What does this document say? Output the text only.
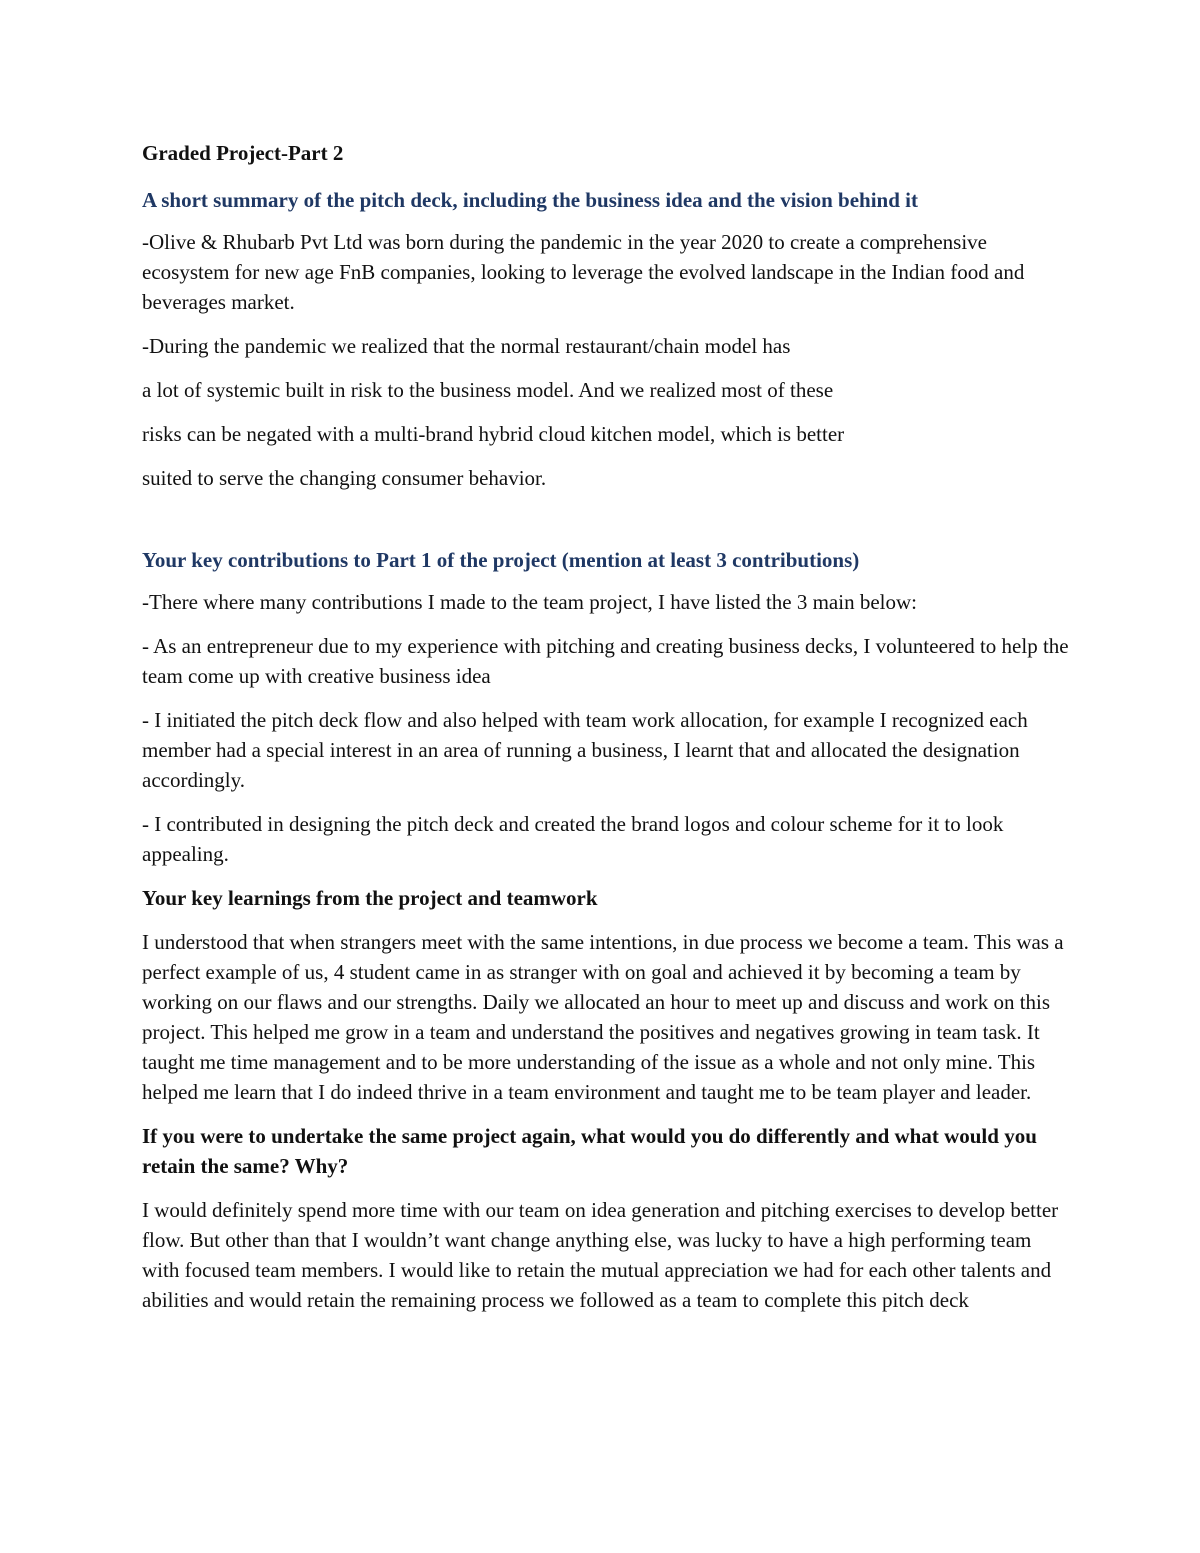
Graded Project-Part 2
A short summary of the pitch deck, including the business idea and the vision behind it

-Olive & Rhubarb Pvt Ltd was born during the pandemic in the year 2020 to create a comprehensive ecosystem for new age FnB companies, looking to leverage the evolved landscape in the Indian food and beverages market.

-During the pandemic we realized that the normal restaurant/chain model has
a lot of systemic built in risk to the business model. And we realized most of these
risks can be negated with a multi-brand hybrid cloud kitchen model, which is better
suited to serve the changing consumer behavior.
Your key contributions to Part 1 of the project (mention at least 3 contributions)

-There where many contributions I made to the team project, I have listed the 3 main below:

- As an entrepreneur due to my experience with pitching and creating business decks, I volunteered to help the team come up with creative business idea

- I initiated the pitch deck flow and also helped with team work allocation, for example I recognized each member had a special interest in an area of running a business, I learnt that and allocated the designation accordingly.

- I contributed in designing the pitch deck and created the brand logos and colour scheme for it to look appealing.

Your key learnings from the project and teamwork

I understood that when strangers meet with the same intentions, in due process we become a team. This was a perfect example of us, 4 student came in as stranger with on goal and achieved it by becoming a team by working on our flaws and our strengths. Daily we allocated an hour to meet up and discuss and work on this project. This helped me grow in a team and understand the positives and negatives growing in team task. It taught me time management and to be more understanding of the issue as a whole and not only mine. This helped me learn that I do indeed thrive in a team environment and taught me to be team player and leader.

If you were to undertake the same project again, what would you do differently and what would you retain the same? Why?

I would definitely spend more time with our team on idea generation and pitching exercises to develop better flow. But other than that I wouldn’t want change anything else, was lucky to have a high performing team with focused team members. I would like to retain the mutual appreciation we had for each other talents and abilities and would retain the remaining process we followed as a team to complete this pitch deck
